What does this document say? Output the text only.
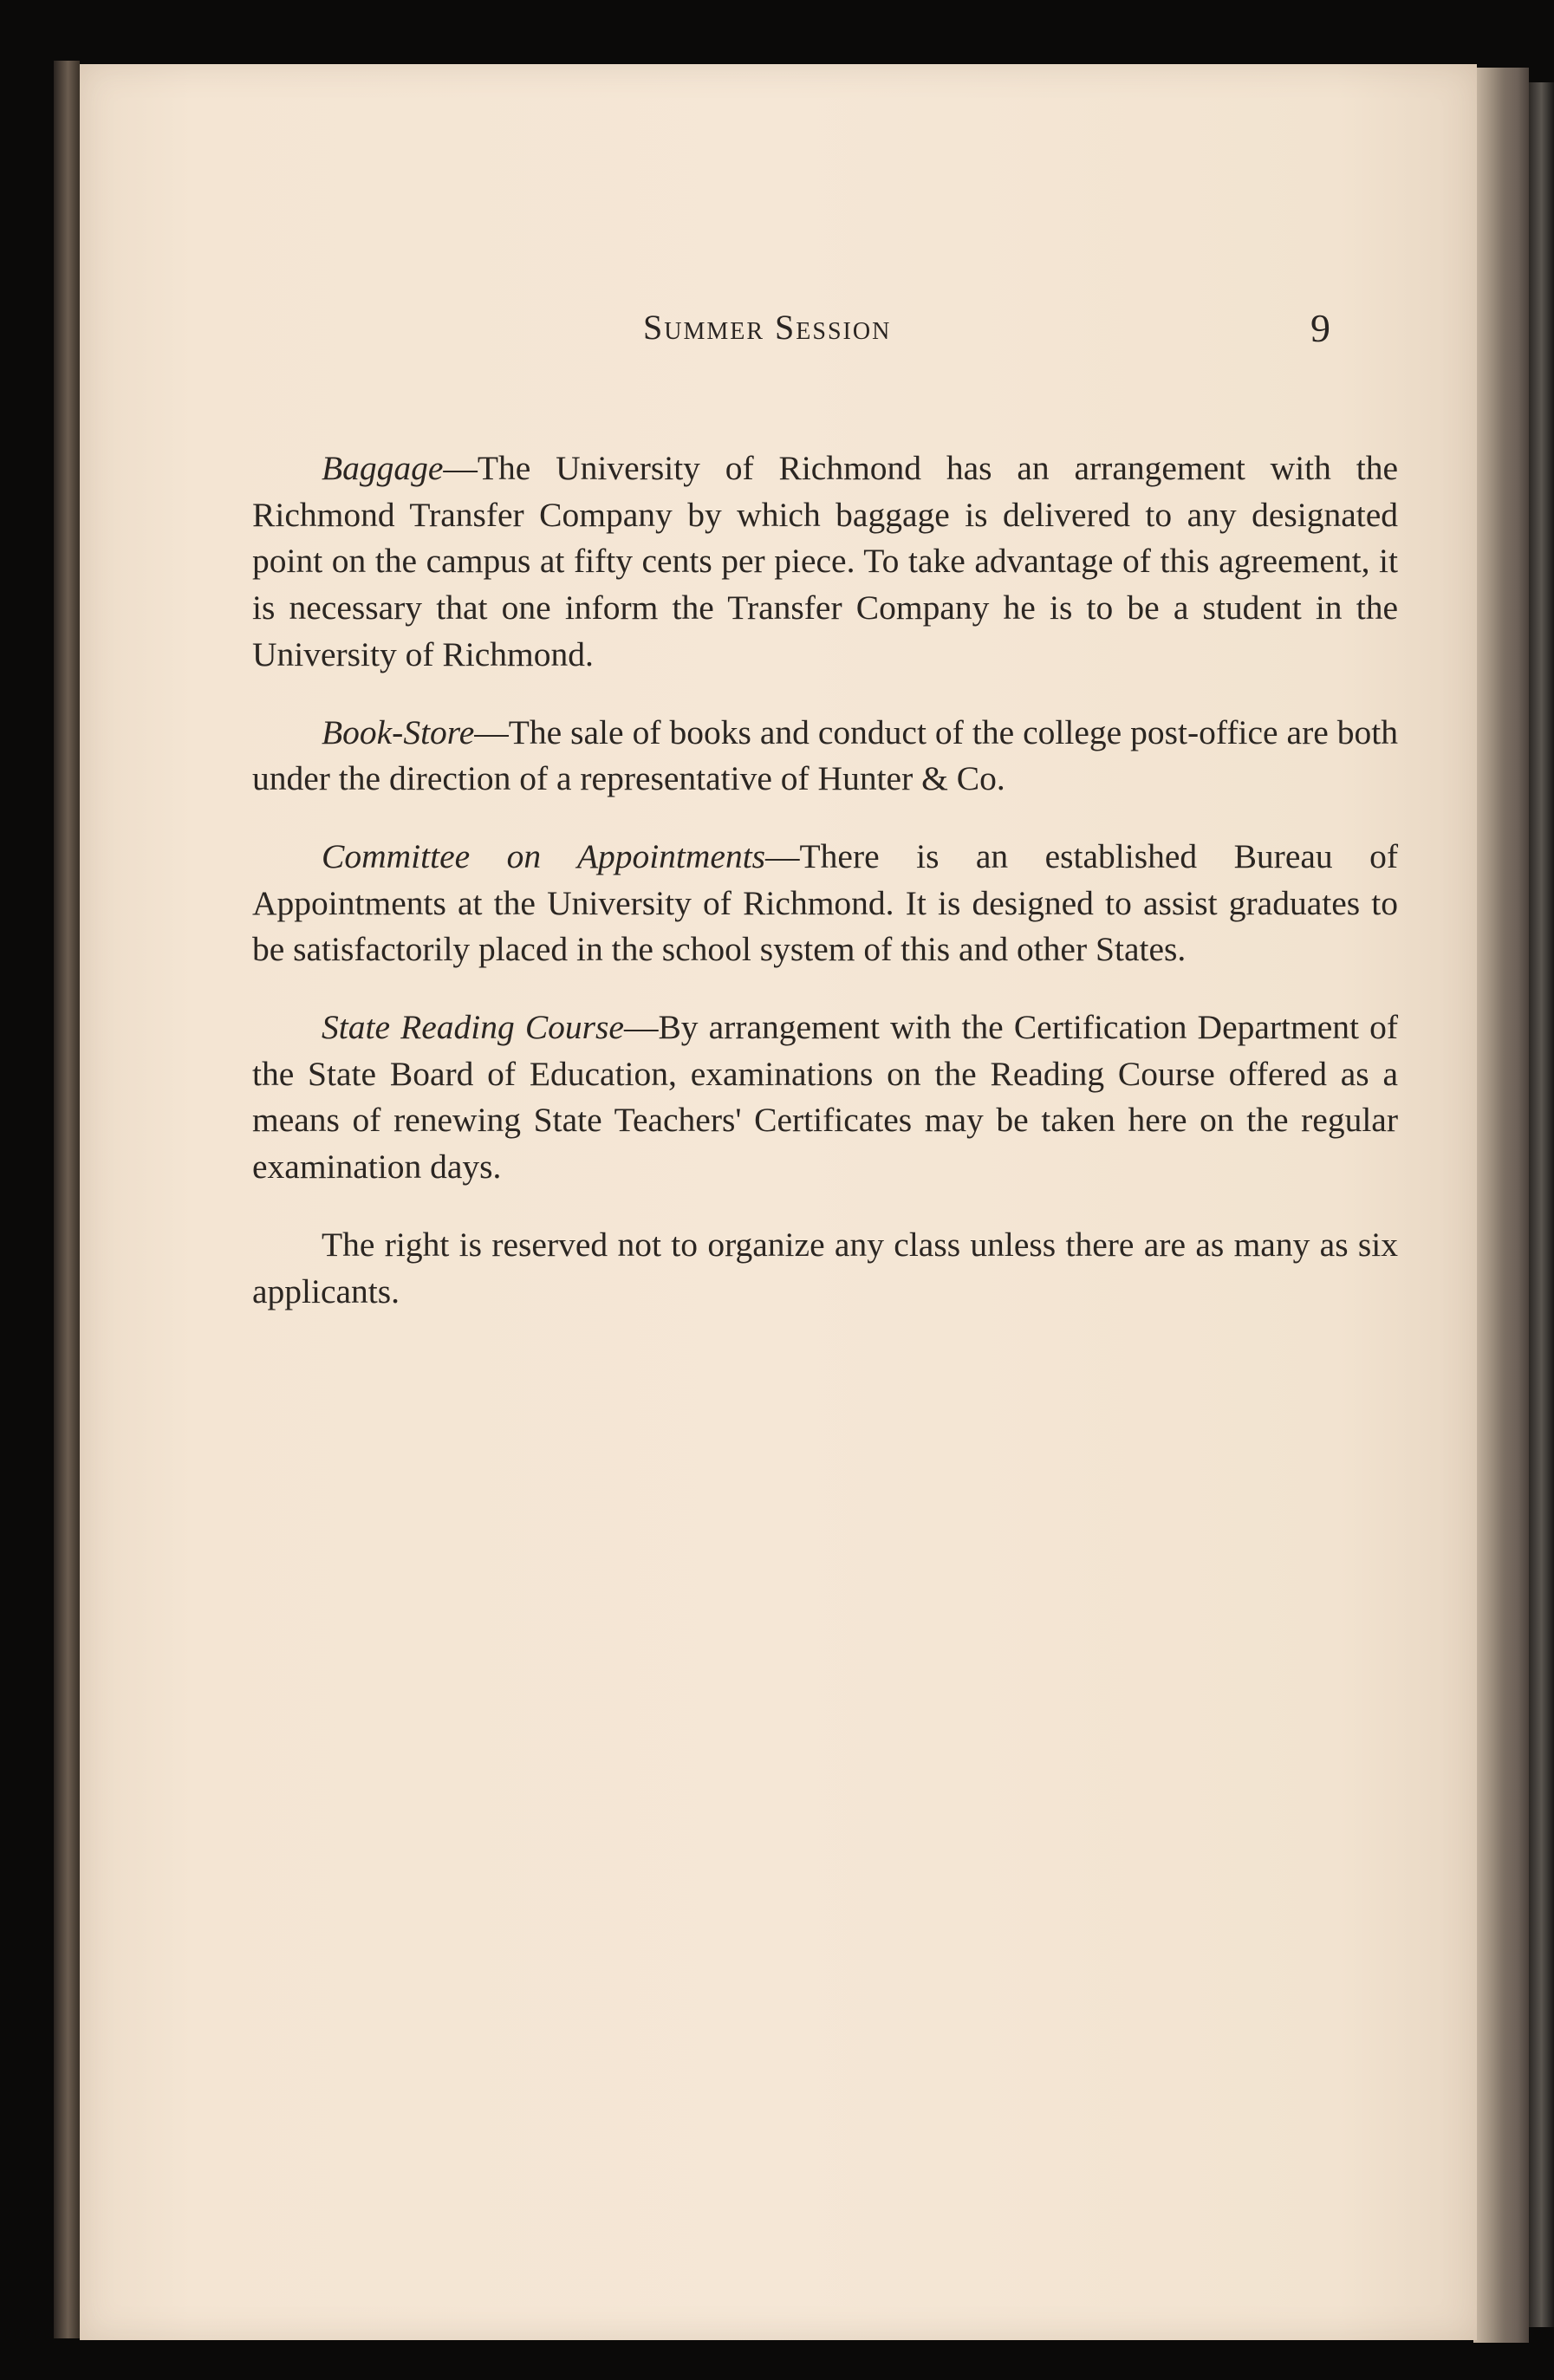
Summer Session	9

Baggage—The University of Richmond has an arrangement with the Richmond Transfer Company by which baggage is delivered to any designated point on the campus at fifty cents per piece. To take advantage of this agreement, it is necessary that one inform the Transfer Company he is to be a student in the University of Richmond.

Book-Store—The sale of books and conduct of the college post-office are both under the direction of a representative of Hunter & Co.

Committee on Appointments—There is an established Bureau of Appointments at the University of Richmond. It is designed to assist graduates to be satisfactorily placed in the school system of this and other States.

State Reading Course—By arrangement with the Certification Department of the State Board of Education, examinations on the Reading Course offered as a means of renewing State Teachers' Certificates may be taken here on the regular examination days.

The right is reserved not to organize any class unless there are as many as six applicants.
